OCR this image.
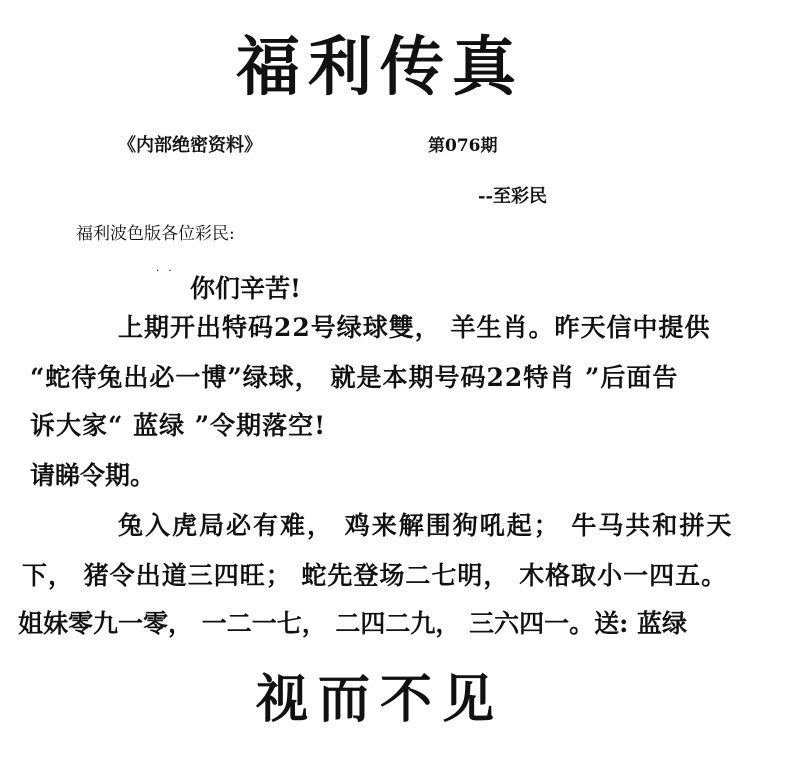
福利传真
《内部绝密资料》	第076期
--至彩民
福利波色版各位彩民:
· ·
你们辛苦!
上期开出特码22号绿球雙， 羊生肖。昨天信中提供
“蛇待兔出必一博”绿球， 就是本期号码22特肖 ”后面告
诉大家“ 蓝绿 ”令期落空!
请睇令期。
兔入虎局必有难， 鸡来解围狗吼起； 牛马共和拼天
下， 猪令出道三四旺； 蛇先登场二七明， 木格取小一四五。
姐妹零九一零， 一二一七， 二四二九， 三六四一。送: 蓝绿
视而不见
